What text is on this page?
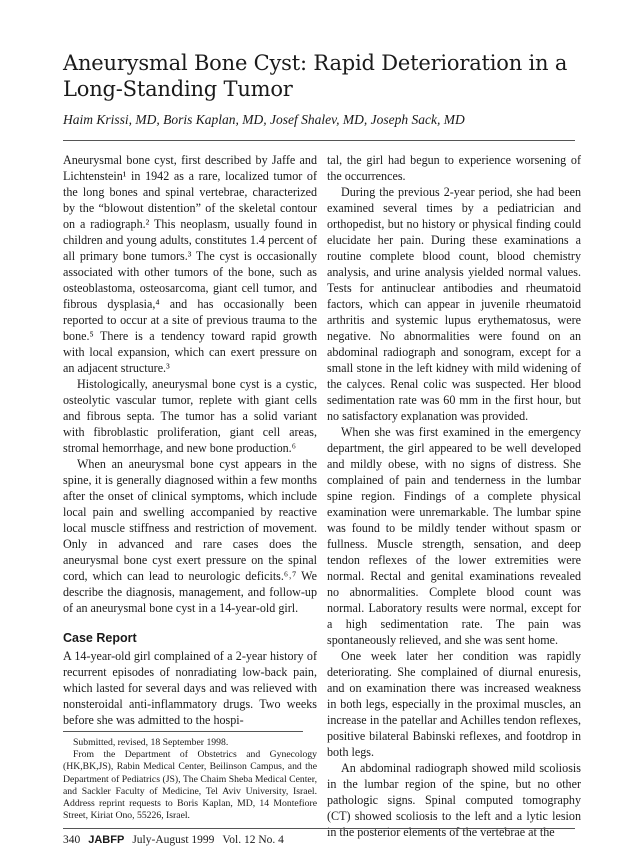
Aneurysmal Bone Cyst: Rapid Deterioration in a Long-Standing Tumor

Haim Krissi, MD, Boris Kaplan, MD, Josef Shalev, MD, Joseph Sack, MD

Aneurysmal bone cyst, first described by Jaffe and Lichtenstein¹ in 1942 as a rare, localized tumor of the long bones and spinal vertebrae, characterized by the “blowout distention” of the skeletal contour on a radiograph.² This neoplasm, usually found in children and young adults, constitutes 1.4 percent of all primary bone tumors.³ The cyst is occasionally associated with other tumors of the bone, such as osteoblastoma, osteosarcoma, giant cell tumor, and fibrous dysplasia,⁴ and has occasionally been reported to occur at a site of previous trauma to the bone.⁵ There is a tendency toward rapid growth with local expansion, which can exert pressure on an adjacent structure.³

Histologically, aneurysmal bone cyst is a cystic, osteolytic vascular tumor, replete with giant cells and fibrous septa. The tumor has a solid variant with fibroblastic proliferation, giant cell areas, stromal hemorrhage, and new bone production.⁶

When an aneurysmal bone cyst appears in the spine, it is generally diagnosed within a few months after the onset of clinical symptoms, which include local pain and swelling accompanied by reactive local muscle stiffness and restriction of movement. Only in advanced and rare cases does the aneurysmal bone cyst exert pressure on the spinal cord, which can lead to neurologic deficits.⁶˒⁷ We describe the diagnosis, management, and follow-up of an aneurysmal bone cyst in a 14-year-old girl.

Case Report

A 14-year-old girl complained of a 2-year history of recurrent episodes of nonradiating low-back pain, which lasted for several days and was relieved with nonsteroidal anti-inflammatory drugs. Two weeks before she was admitted to the hospi-

tal, the girl had begun to experience worsening of the occurrences.

During the previous 2-year period, she had been examined several times by a pediatrician and orthopedist, but no history or physical finding could elucidate her pain. During these examinations a routine complete blood count, blood chemistry analysis, and urine analysis yielded normal values. Tests for antinuclear antibodies and rheumatoid factors, which can appear in juvenile rheumatoid arthritis and systemic lupus erythematosus, were negative. No abnormalities were found on an abdominal radiograph and sonogram, except for a small stone in the left kidney with mild widening of the calyces. Renal colic was suspected. Her blood sedimentation rate was 60 mm in the first hour, but no satisfactory explanation was provided.

When she was first examined in the emergency department, the girl appeared to be well developed and mildly obese, with no signs of distress. She complained of pain and tenderness in the lumbar spine region. Findings of a complete physical examination were unremarkable. The lumbar spine was found to be mildly tender without spasm or fullness. Muscle strength, sensation, and deep tendon reflexes of the lower extremities were normal. Rectal and genital examinations revealed no abnormalities. Complete blood count was normal. Laboratory results were normal, except for a high sedimentation rate. The pain was spontaneously relieved, and she was sent home.

One week later her condition was rapidly deteriorating. She complained of diurnal enuresis, and on examination there was increased weakness in both legs, especially in the proximal muscles, an increase in the patellar and Achilles tendon reflexes, positive bilateral Babinski reflexes, and footdrop in both legs.

An abdominal radiograph showed mild scoliosis in the lumbar region of the spine, but no other pathologic signs. Spinal computed tomography (CT) showed scoliosis to the left and a lytic lesion in the posterior elements of the vertebrae at the

Submitted, revised, 18 September 1998.

From the Department of Obstetrics and Gynecology (HK,BK,JS), Rabin Medical Center, Beilinson Campus, and the Department of Pediatrics (JS), The Chaim Sheba Medical Center, and Sackler Faculty of Medicine, Tel Aviv University, Israel. Address reprint requests to Boris Kaplan, MD, 14 Montefiore Street, Kiriat Ono, 55226, Israel.

340 JABFP July-August 1999 Vol. 12 No. 4
